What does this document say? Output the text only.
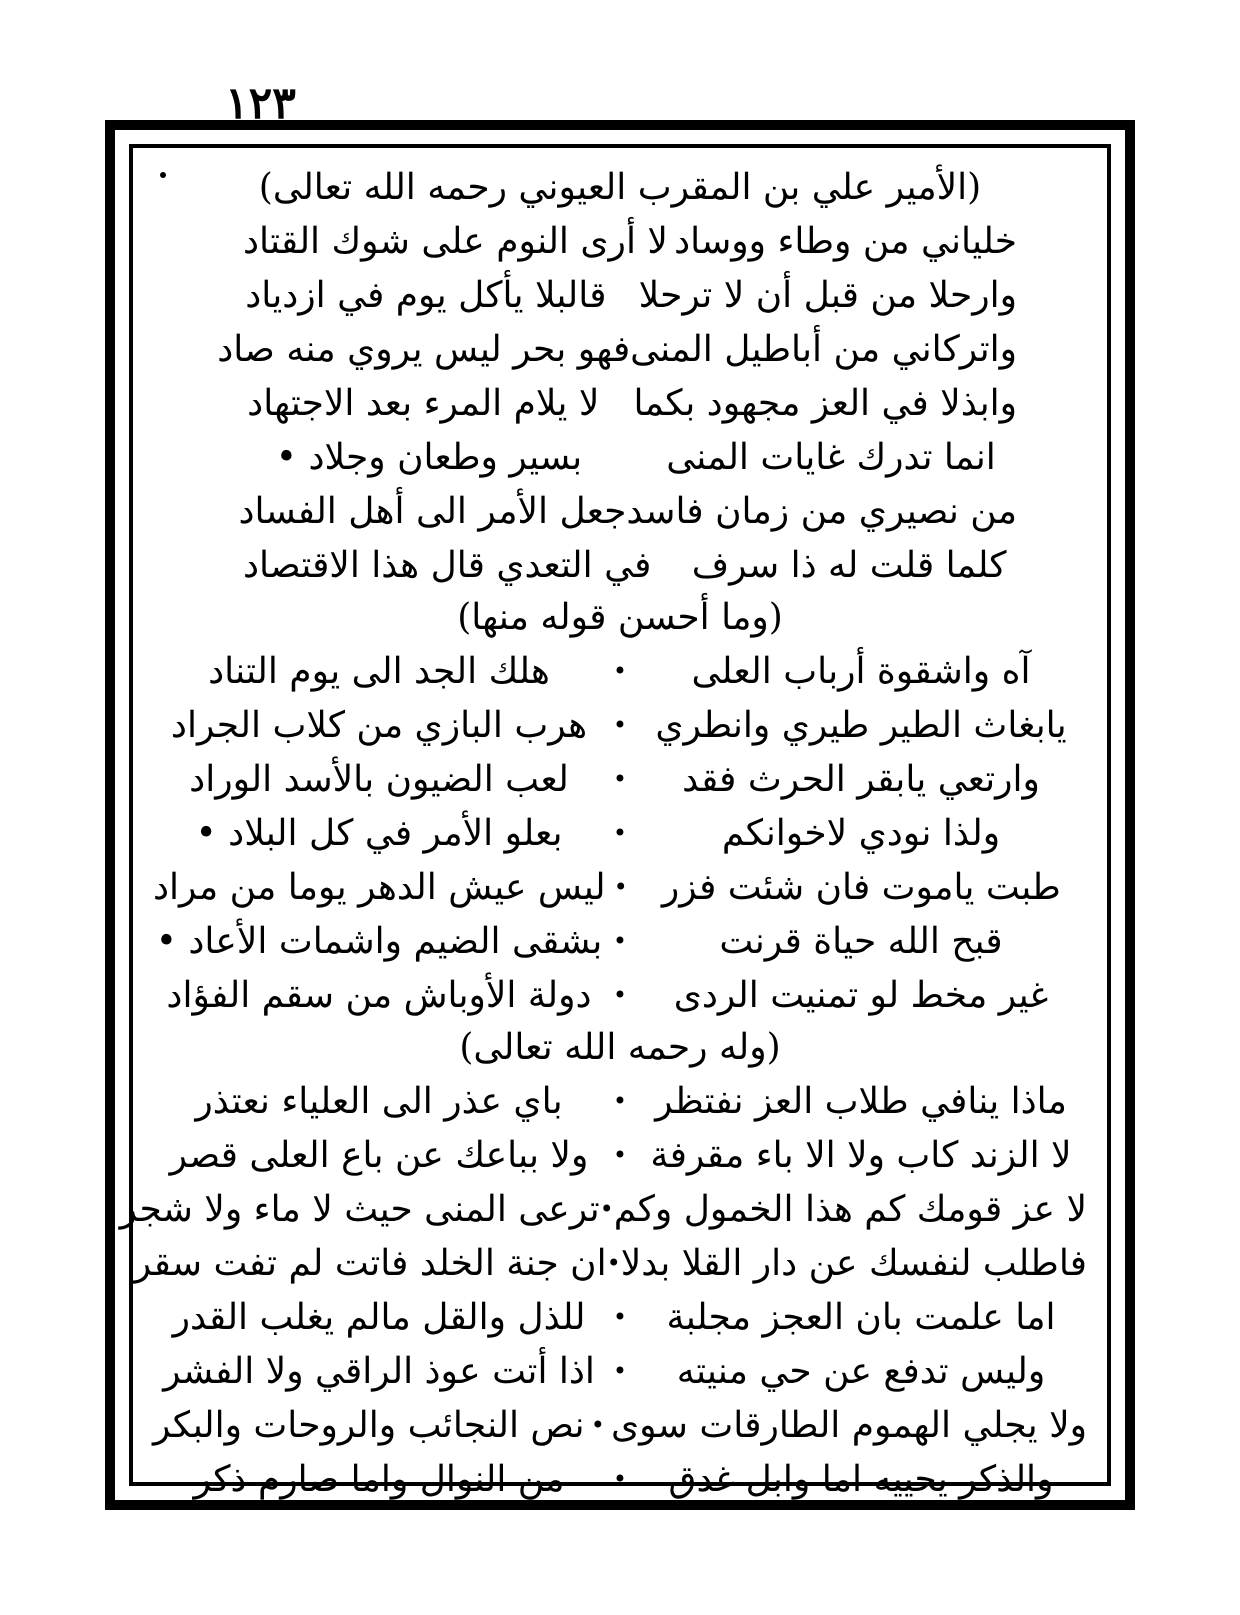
١٢٣
(الأمير علي بن المقرب العيوني رحمه الله تعالى)
خلياني من وطاء ووساد
لا أرى النوم على شوك القتاد
وارحلا من قبل أن لا ترحلا
قالبلا يأكل يوم في ازدياد
واتركاني من أباطيل المنى
فهو بحر ليس يروي منه صاد
وابذلا في العز مجهود بكما
لا يلام المرء بعد الاجتهاد
انما تدرك غايات المنى
بسير وطعان وجلاد •
من نصيري من زمان فاسد
جعل الأمر الى أهل الفساد
كلما قلت له ذا سرف
في التعدي قال هذا الاقتصاد
(وما أحسن قوله منها)
آه واشقوة أرباب العلى
•
هلك الجد الى يوم التناد
يابغاث الطير طيري وانطري
•
هرب البازي من كلاب الجراد
وارتعي يابقر الحرث فقد
•
لعب الضيون بالأسد الوراد
ولذا نودي لاخوانكم
•
بعلو الأمر في كل البلاد •
طبت ياموت فان شئت فزر
•
ليس عيش الدهر يوما من مراد
قبح الله حياة قرنت
•
بشقى الضيم واشمات الأعاد •
غير مخط لو تمنيت الردى
•
دولة الأوباش من سقم الفؤاد
(وله رحمه الله تعالى)
ماذا ينافي طلاب العز نفتظر
•
باي عذر الى العلياء نعتذر
لا الزند كاب ولا الا باء مقرفة
•
ولا بباعك عن باع العلى قصر
لا عز قومك كم هذا الخمول وكم
•
ترعى المنى حيث لا ماء ولا شجر
فاطلب لنفسك عن دار القلا بدلا
•
ان جنة الخلد فاتت لم تفت سقر
اما علمت بان العجز مجلبة
•
للذل والقل مالم يغلب القدر
وليس تدفع عن حي منيته
•
اذا أتت عوذ الراقي ولا الفشر
ولا يجلي الهموم الطارقات سوى
•
نص النجائب والروحات والبكر
والذكر يحييه اما وابل غدق
•
من النوال واما صارم ذكر
